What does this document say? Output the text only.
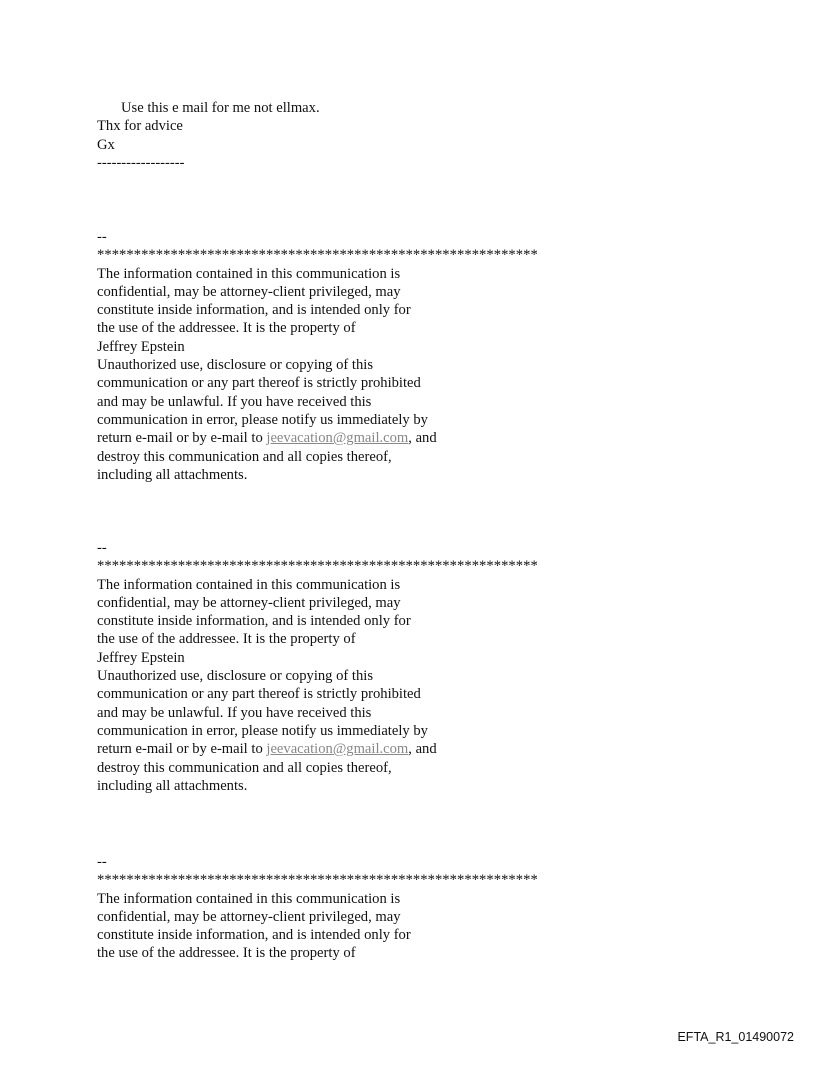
Use this e mail for me not ellmax.
Thx for advice
Gx
------------------
--
************************************************************
The information contained in this communication is
confidential, may be attorney-client privileged, may
constitute inside information, and is intended only for
the use of the addressee. It is the property of
Jeffrey Epstein
Unauthorized use, disclosure or copying of this
communication or any part thereof is strictly prohibited
and may be unlawful. If you have received this
communication in error, please notify us immediately by
return e-mail or by e-mail to jeevacation@gmail.com, and
destroy this communication and all copies thereof,
including all attachments.
--
************************************************************
The information contained in this communication is
confidential, may be attorney-client privileged, may
constitute inside information, and is intended only for
the use of the addressee. It is the property of
Jeffrey Epstein
Unauthorized use, disclosure or copying of this
communication or any part thereof is strictly prohibited
and may be unlawful. If you have received this
communication in error, please notify us immediately by
return e-mail or by e-mail to jeevacation@gmail.com, and
destroy this communication and all copies thereof,
including all attachments.
--
************************************************************
The information contained in this communication is
confidential, may be attorney-client privileged, may
constitute inside information, and is intended only for
the use of the addressee. It is the property of
EFTA_R1_01490072
